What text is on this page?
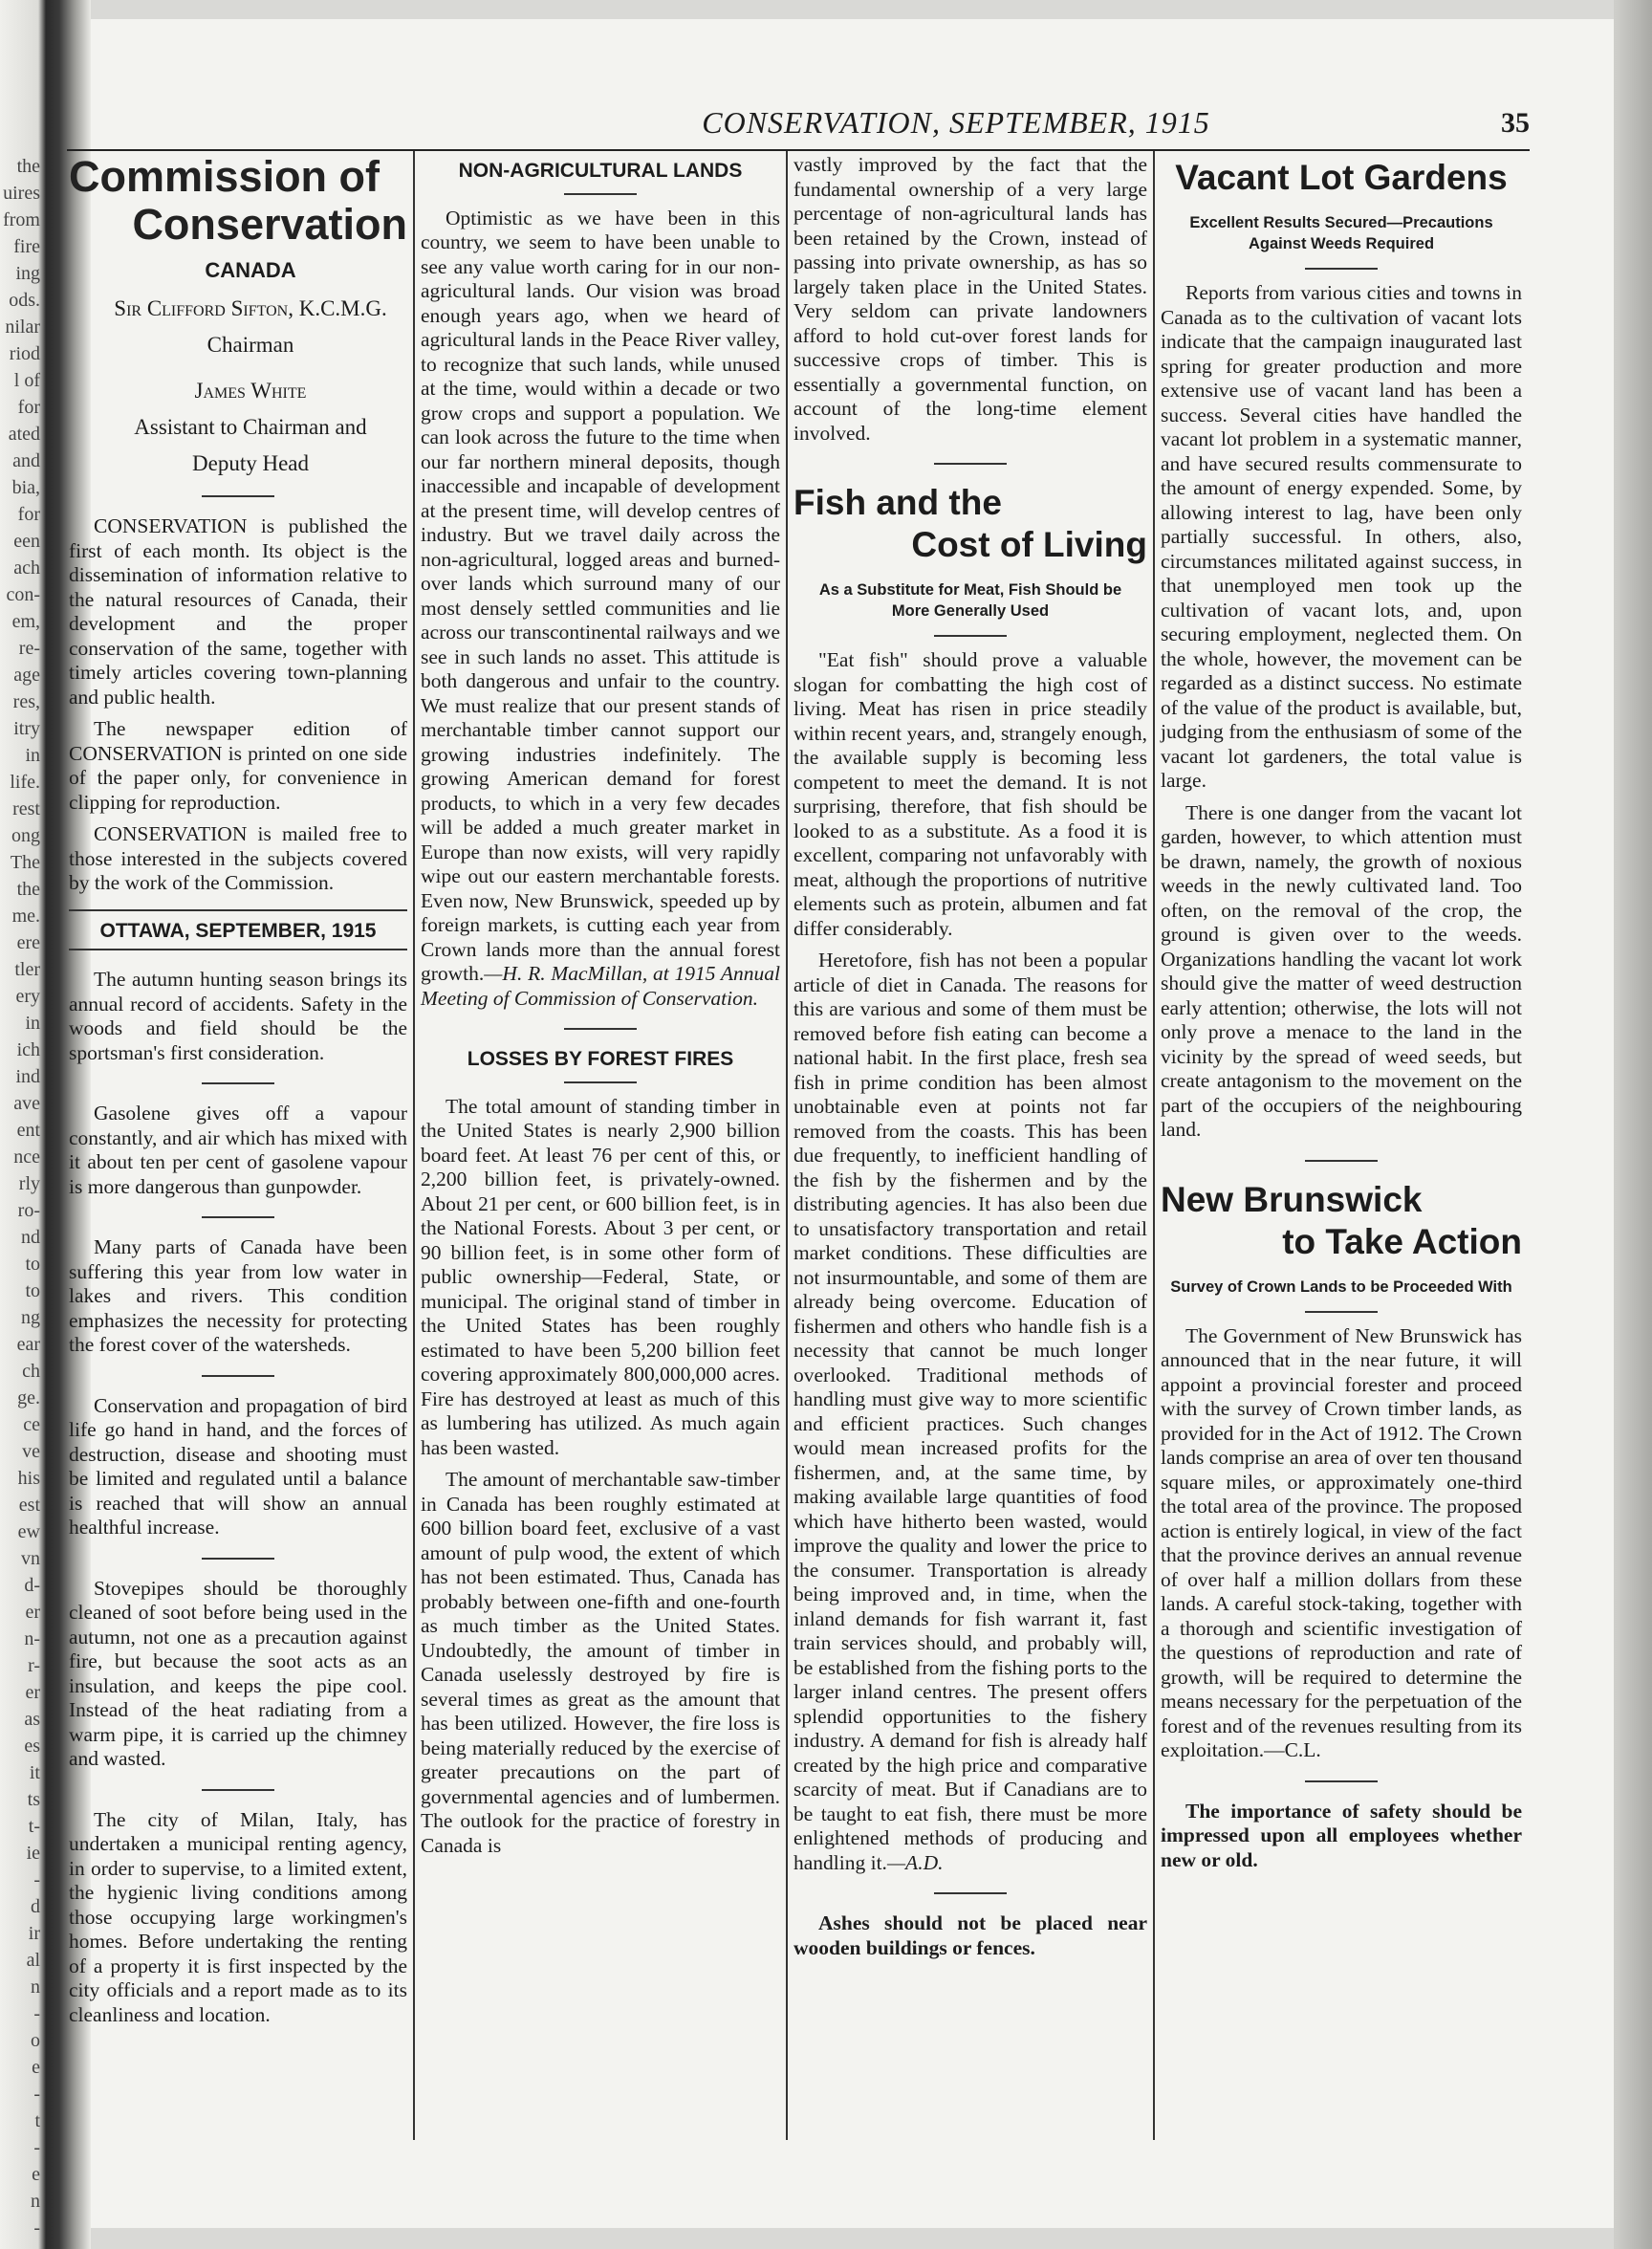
the
uires
from
fire
ing
ods.
nilar
riod
l of
for
ated
and
bia,
for
een
ach
con-
em,
re-
age
res,
itry
in
life.
rest
ong
The
the
me.
ere
tler
ery
in
ich
ind
ave
ent
nce
rly
ro-
nd
to
to
ng
ear
ch
ge.
ce
ve
his
est
ew
vn
d-
er
n-
r-
er
as
es
it
ts
t-
ie
-
d
ir
al
n
-
o
e
-
t
-
e
n
-
CONSERVATION, SEPTEMBER, 1915	35
Commission of
Conservation

CANADA

Sir Clifford Sifton, K.C.M.G.

Chairman

James White

Assistant to Chairman and

Deputy Head

CONSERVATION is published the first of each month. Its object is the dissemination of information relative to the natural resources of Canada, their development and the proper conservation of the same, together with timely articles covering town-planning and public health.

The newspaper edition of CONSERVATION is printed on one side of the paper only, for convenience in clipping for reproduction.

CONSERVATION is mailed free to those interested in the subjects covered by the work of the Commission.

OTTAWA, SEPTEMBER, 1915

The autumn hunting season brings its annual record of accidents. Safety in the woods and field should be the sportsman's first consideration.

Gasolene gives off a vapour constantly, and air which has mixed with it about ten per cent of gasolene vapour is more dangerous than gunpowder.

Many parts of Canada have been suffering this year from low water in lakes and rivers. This condition emphasizes the necessity for protecting the forest cover of the watersheds.

Conservation and propagation of bird life go hand in hand, and the forces of destruction, disease and shooting must be limited and regulated until a balance is reached that will show an annual healthful increase.

Stovepipes should be thoroughly cleaned of soot before being used in the autumn, not one as a precaution against fire, but because the soot acts as an insulation, and keeps the pipe cool. Instead of the heat radiating from a warm pipe, it is carried up the chimney and wasted.

The city of Milan, Italy, has undertaken a municipal renting agency, in order to supervise, to a limited extent, the hygienic living conditions among those occupying large workingmen's homes. Before undertaking the renting of a property it is first inspected by the city officials and a report made as to its cleanliness and location.

NON-AGRICULTURAL LANDS

Optimistic as we have been in this country, we seem to have been unable to see any value worth caring for in our non-agricultural lands. Our vision was broad enough years ago, when we heard of agricultural lands in the Peace River valley, to recognize that such lands, while unused at the time, would within a decade or two grow crops and support a population. We can look across the future to the time when our far northern mineral deposits, though inaccessible and incapable of development at the present time, will develop centres of industry. But we travel daily across the non-agricultural, logged areas and burned-over lands which surround many of our most densely settled communities and lie across our transcontinental railways and we see in such lands no asset. This attitude is both dangerous and unfair to the country. We must realize that our present stands of merchantable timber cannot support our growing industries indefinitely. The growing American demand for forest products, to which in a very few decades will be added a much greater market in Europe than now exists, will very rapidly wipe out our eastern merchantable forests. Even now, New Brunswick, speeded up by foreign markets, is cutting each year from Crown lands more than the annual forest growth.—H. R. MacMillan, at 1915 Annual Meeting of Commission of Conservation.

LOSSES BY FOREST FIRES

The total amount of standing timber in the United States is nearly 2,900 billion board feet. At least 76 per cent of this, or 2,200 billion feet, is privately-owned. About 21 per cent, or 600 billion feet, is in the National Forests. About 3 per cent, or 90 billion feet, is in some other form of public ownership—Federal, State, or municipal. The original stand of timber in the United States has been roughly estimated to have been 5,200 billion feet covering approximately 800,000,000 acres. Fire has destroyed at least as much of this as lumbering has utilized. As much again has been wasted.

The amount of merchantable saw-timber in Canada has been roughly estimated at 600 billion board feet, exclusive of a vast amount of pulp wood, the extent of which has not been estimated. Thus, Canada has probably between one-fifth and one-fourth as much timber as the United States. Undoubtedly, the amount of timber in Canada uselessly destroyed by fire is several times as great as the amount that has been utilized. However, the fire loss is being materially reduced by the exercise of greater precautions on the part of governmental agencies and of lumbermen. The outlook for the practice of forestry in Canada is

vastly improved by the fact that the fundamental ownership of a very large percentage of non-agricultural lands has been retained by the Crown, instead of passing into private ownership, as has so largely taken place in the United States. Very seldom can private landowners afford to hold cut-over forest lands for successive crops of timber. This is essentially a governmental function, on account of the long-time element involved.

Fish and the
Cost of Living
As a Substitute for Meat, Fish Should be More Generally Used

"Eat fish" should prove a valuable slogan for combatting the high cost of living. Meat has risen in price steadily within recent years, and, strangely enough, the available supply is becoming less competent to meet the demand. It is not surprising, therefore, that fish should be looked to as a substitute. As a food it is excellent, comparing not unfavorably with meat, although the proportions of nutritive elements such as protein, albumen and fat differ considerably.

Heretofore, fish has not been a popular article of diet in Canada. The reasons for this are various and some of them must be removed before fish eating can become a national habit. In the first place, fresh sea fish in prime condition has been almost unobtainable even at points not far removed from the coasts. This has been due frequently, to inefficient handling of the fish by the fishermen and by the distributing agencies. It has also been due to unsatisfactory transportation and retail market conditions. These difficulties are not insurmountable, and some of them are already being overcome. Education of fishermen and others who handle fish is a necessity that cannot be much longer overlooked. Traditional methods of handling must give way to more scientific and efficient practices. Such changes would mean increased profits for the fishermen, and, at the same time, by making available large quantities of food which have hitherto been wasted, would improve the quality and lower the price to the consumer. Transportation is already being improved and, in time, when the inland demands for fish warrant it, fast train services should, and probably will, be established from the fishing ports to the larger inland centres. The present offers splendid opportunities to the fishery industry. A demand for fish is already half created by the high price and comparative scarcity of meat. But if Canadians are to be taught to eat fish, there must be more enlightened methods of producing and handling it.—A.D.

Ashes should not be placed near wooden buildings or fences.

Vacant Lot Gardens
Excellent Results Secured—Precautions Against Weeds Required

Reports from various cities and towns in Canada as to the cultivation of vacant lots indicate that the campaign inaugurated last spring for greater production and more extensive use of vacant land has been a success. Several cities have handled the vacant lot problem in a systematic manner, and have secured results commensurate to the amount of energy expended. Some, by allowing interest to lag, have been only partially successful. In others, also, circumstances militated against success, in that unemployed men took up the cultivation of vacant lots, and, upon securing employment, neglected them. On the whole, however, the movement can be regarded as a distinct success. No estimate of the value of the product is available, but, judging from the enthusiasm of some of the vacant lot gardeners, the total value is large.

There is one danger from the vacant lot garden, however, to which attention must be drawn, namely, the growth of noxious weeds in the newly cultivated land. Too often, on the removal of the crop, the ground is given over to the weeds. Organizations handling the vacant lot work should give the matter of weed destruction early attention; otherwise, the lots will not only prove a menace to the land in the vicinity by the spread of weed seeds, but create antagonism to the movement on the part of the occupiers of the neighbouring land.

New Brunswick
to Take Action
Survey of Crown Lands to be Proceeded With

The Government of New Brunswick has announced that in the near future, it will appoint a provincial forester and proceed with the survey of Crown timber lands, as provided for in the Act of 1912. The Crown lands comprise an area of over ten thousand square miles, or approximately one-third the total area of the province. The proposed action is entirely logical, in view of the fact that the province derives an annual revenue of over half a million dollars from these lands. A careful stock-taking, together with a thorough and scientific investigation of the questions of reproduction and rate of growth, will be required to determine the means necessary for the perpetuation of the forest and of the revenues resulting from its exploitation.—C.L.

The importance of safety should be impressed upon all employees whether new or old.
